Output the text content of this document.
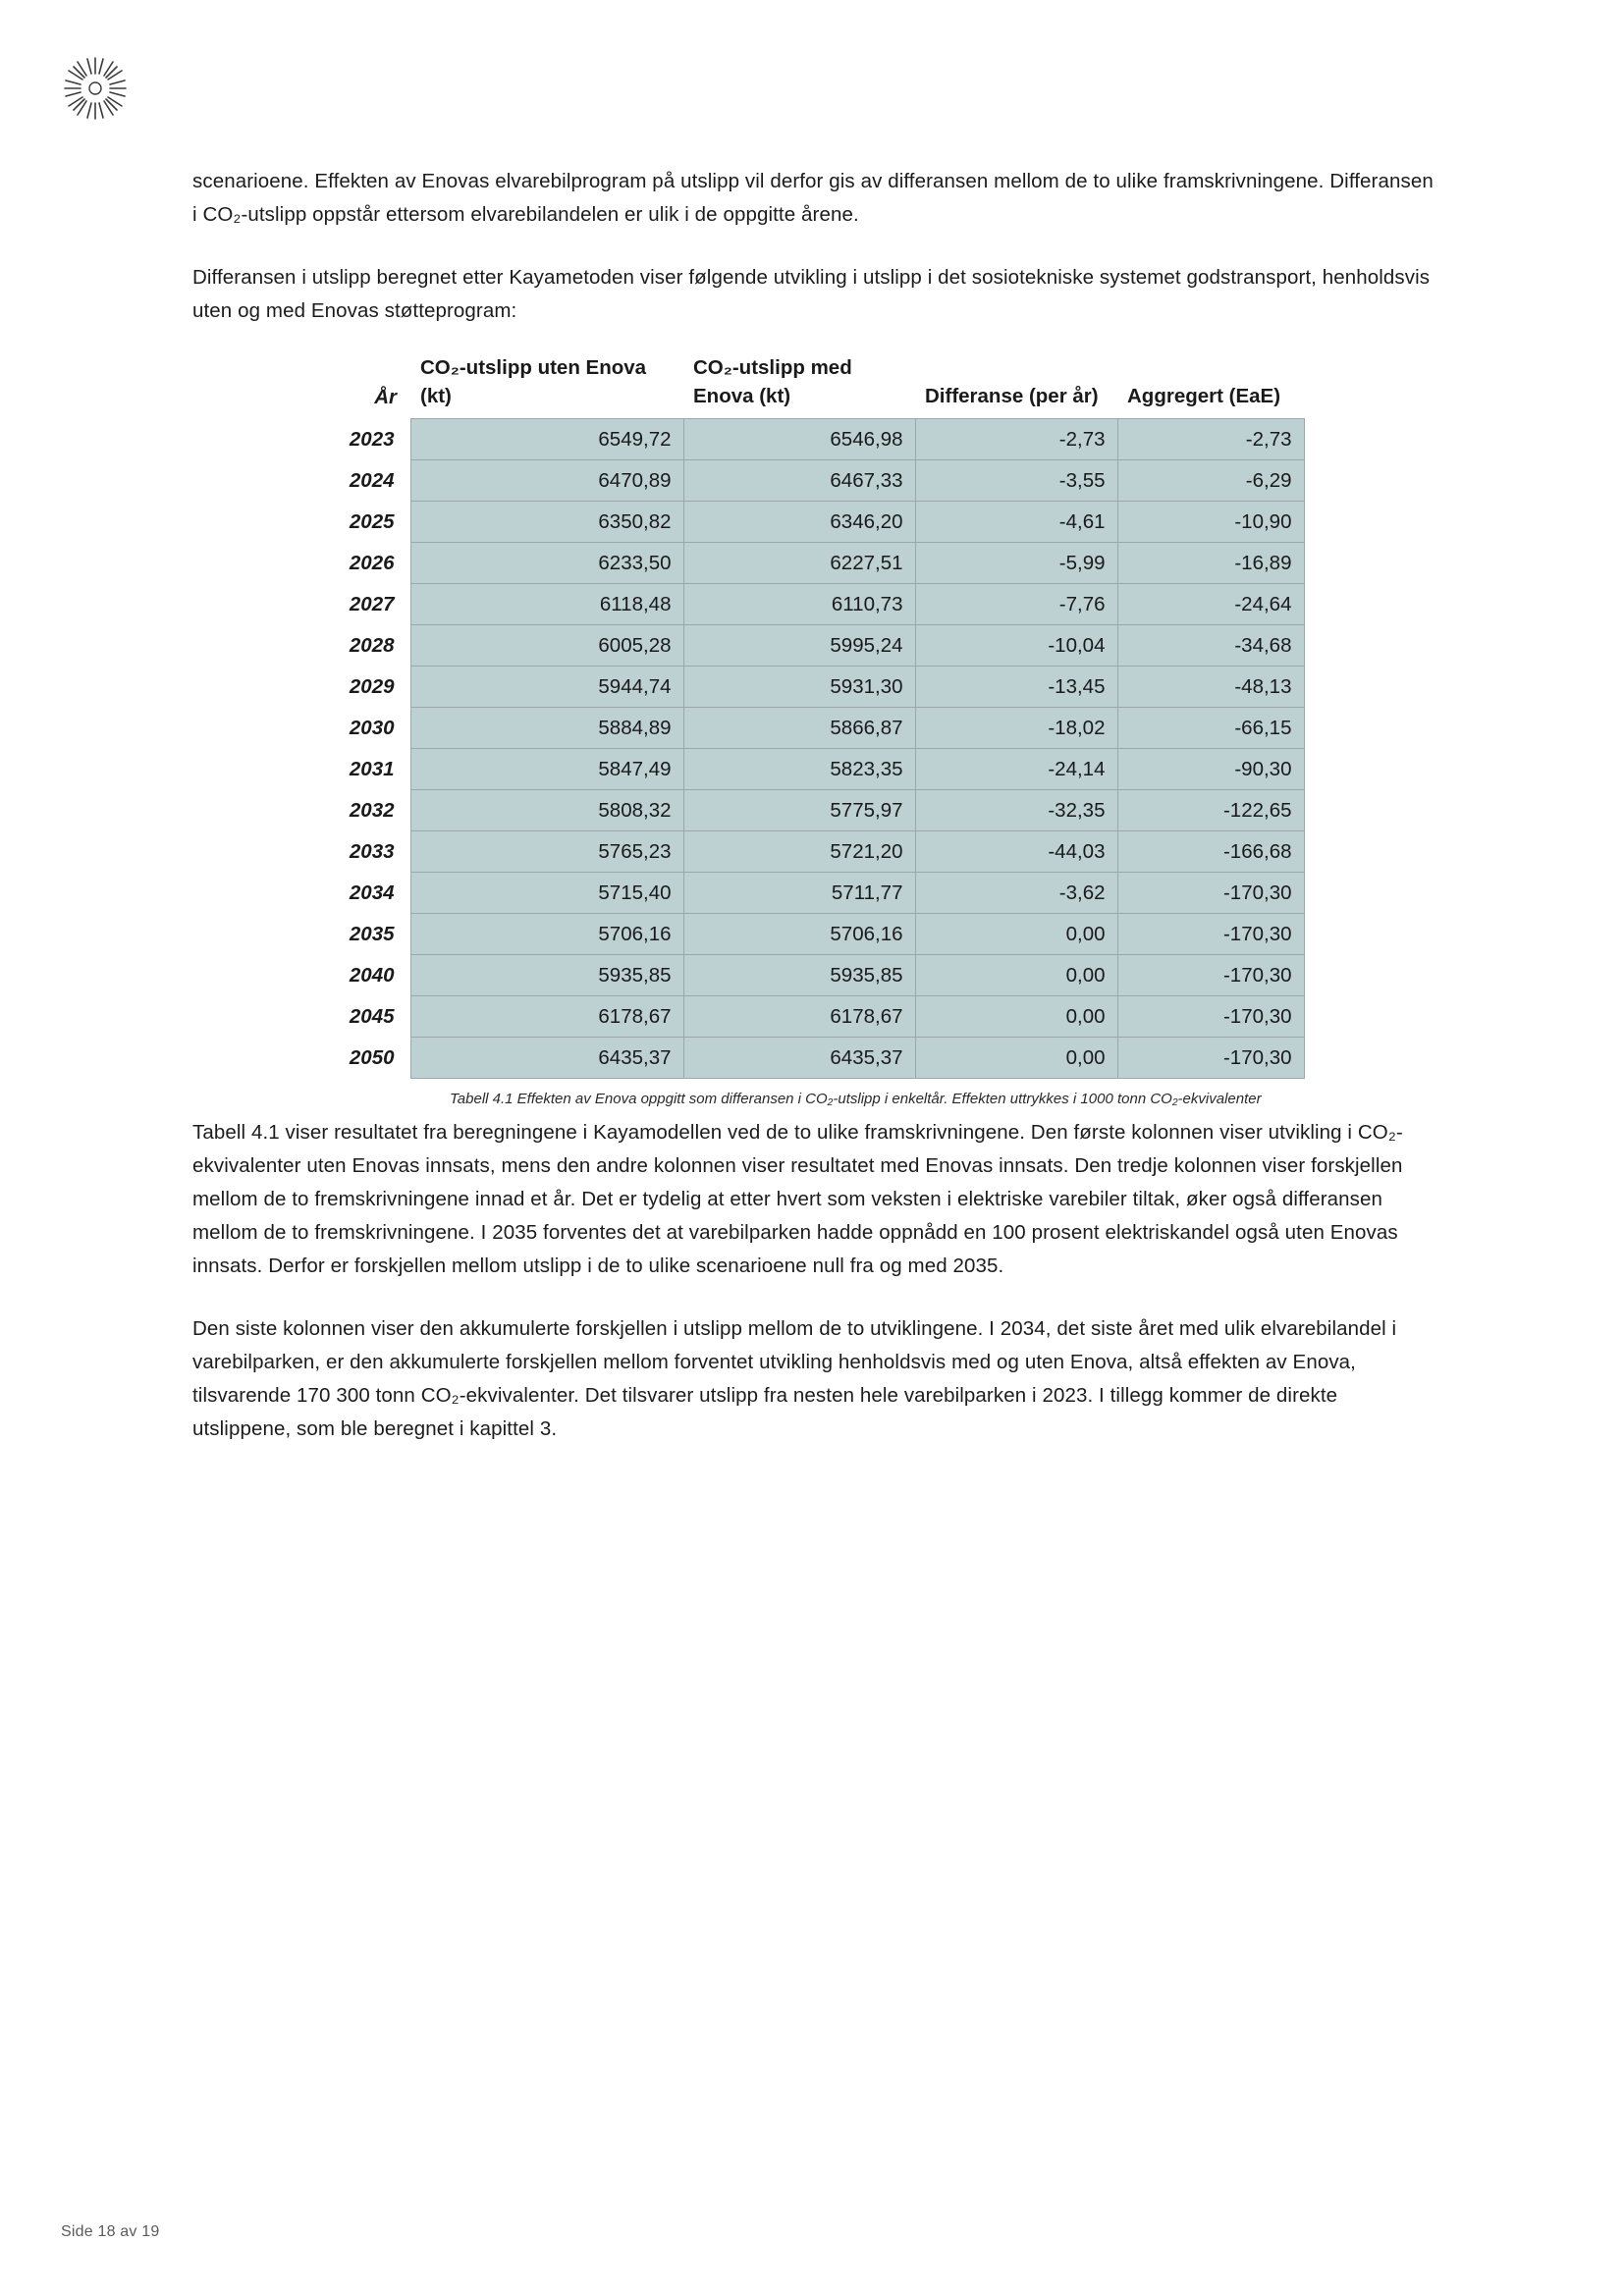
scenarioene. Effekten av Enovas elvarebilprogram på utslipp vil derfor gis av differansen mellom de to ulike framskrivningene. Differansen i CO₂-utslipp oppstår ettersom elvarebilandelen er ulik i de oppgitte årene.

Differansen i utslipp beregnet etter Kayametoden viser følgende utvikling i utslipp i det sosiotekniske systemet godstransport, henholdsvis uten og med Enovas støtteprogram:

År	CO₂-utslipp uten Enova (kt)	CO₂-utslipp med Enova (kt)	Differanse (per år)	Aggregert (EaE)
2023	6549,72	6546,98	-2,73	-2,73
2024	6470,89	6467,33	-3,55	-6,29
2025	6350,82	6346,20	-4,61	-10,90
2026	6233,50	6227,51	-5,99	-16,89
2027	6118,48	6110,73	-7,76	-24,64
2028	6005,28	5995,24	-10,04	-34,68
2029	5944,74	5931,30	-13,45	-48,13
2030	5884,89	5866,87	-18,02	-66,15
2031	5847,49	5823,35	-24,14	-90,30
2032	5808,32	5775,97	-32,35	-122,65
2033	5765,23	5721,20	-44,03	-166,68
2034	5715,40	5711,77	-3,62	-170,30
2035	5706,16	5706,16	0,00	-170,30
2040	5935,85	5935,85	0,00	-170,30
2045	6178,67	6178,67	0,00	-170,30
2050	6435,37	6435,37	0,00	-170,30
Tabell 4.1 Effekten av Enova oppgitt som differansen i CO₂-utslipp i enkeltår. Effekten uttrykkes i 1000 tonn CO₂-ekvivalenter

Tabell 4.1 viser resultatet fra beregningene i Kayamodellen ved de to ulike framskrivningene. Den første kolonnen viser utvikling i CO₂-ekvivalenter uten Enovas innsats, mens den andre kolonnen viser resultatet med Enovas innsats. Den tredje kolonnen viser forskjellen mellom de to fremskrivningene innad et år. Det er tydelig at etter hvert som veksten i elektriske varebiler tiltak, øker også differansen mellom de to fremskrivningene. I 2035 forventes det at varebilparken hadde oppnådd en 100 prosent elektriskandel også uten Enovas innsats. Derfor er forskjellen mellom utslipp i de to ulike scenarioene null fra og med 2035.

Den siste kolonnen viser den akkumulerte forskjellen i utslipp mellom de to utviklingene. I 2034, det siste året med ulik elvarebilandel i varebilparken, er den akkumulerte forskjellen mellom forventet utvikling henholdsvis med og uten Enova, altså effekten av Enova, tilsvarende 170 300 tonn CO₂-ekvivalenter. Det tilsvarer utslipp fra nesten hele varebilparken i 2023. I tillegg kommer de direkte utslippene, som ble beregnet i kapittel 3.

Side 18 av 19
